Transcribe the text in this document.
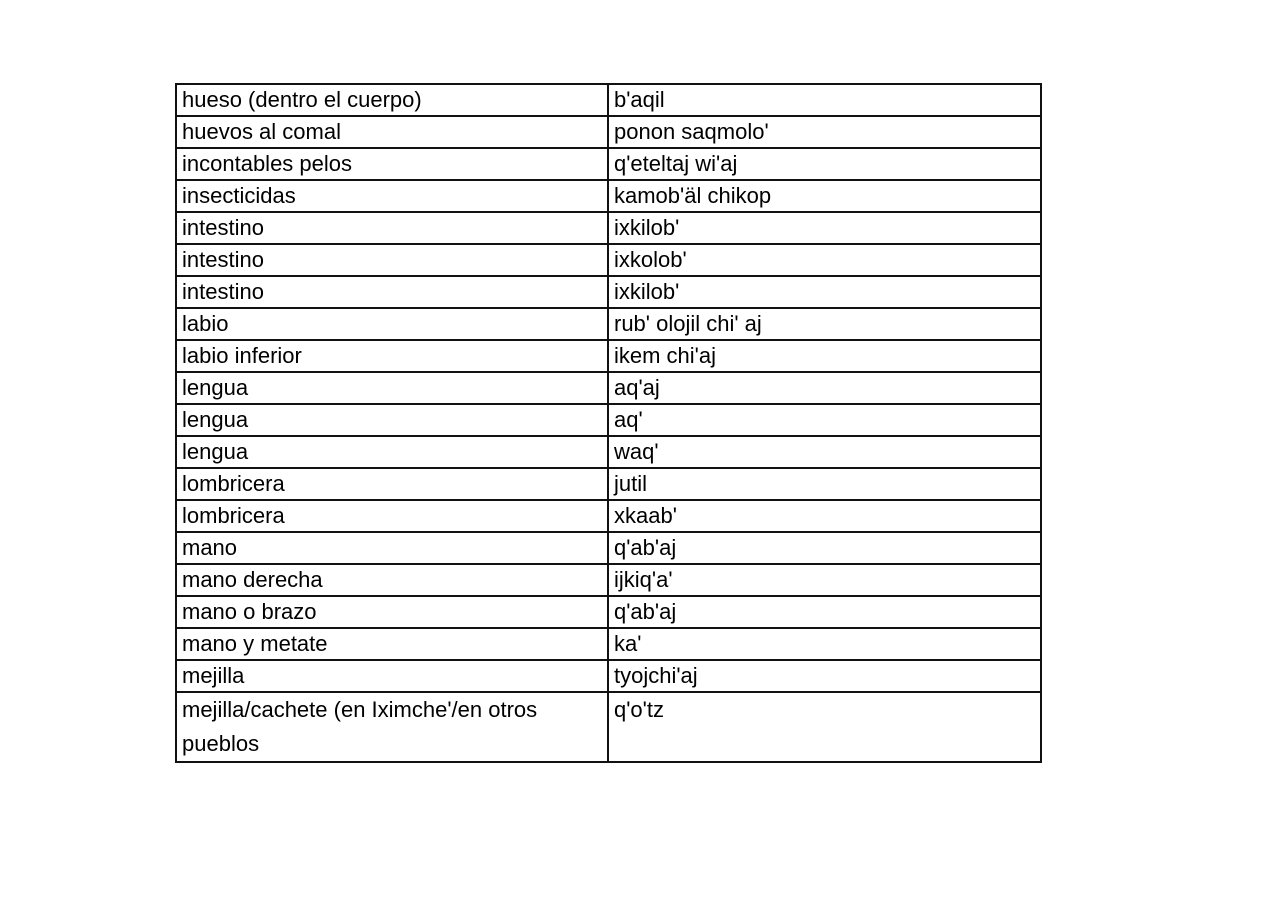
hueso (dentro el cuerpo)	b'aqil
huevos al comal	ponon saqmolo'
incontables pelos	q'eteltaj wi'aj
insecticidas	kamob'äl chikop
intestino	ixkilob'
intestino	ixkolob'
intestino	ixkilob'
labio	rub' olojil chi' aj
labio inferior	ikem chi'aj
lengua	aq'aj
lengua	aq'
lengua	waq'
lombricera	jutil
lombricera	xkaab'
mano	q'ab'aj
mano derecha	ijkiq'a'
mano o brazo	q'ab'aj
mano y metate	ka'
mejilla	tyojchi'aj
mejilla/cachete (en Iximche'/en otros pueblos	q'o'tz
